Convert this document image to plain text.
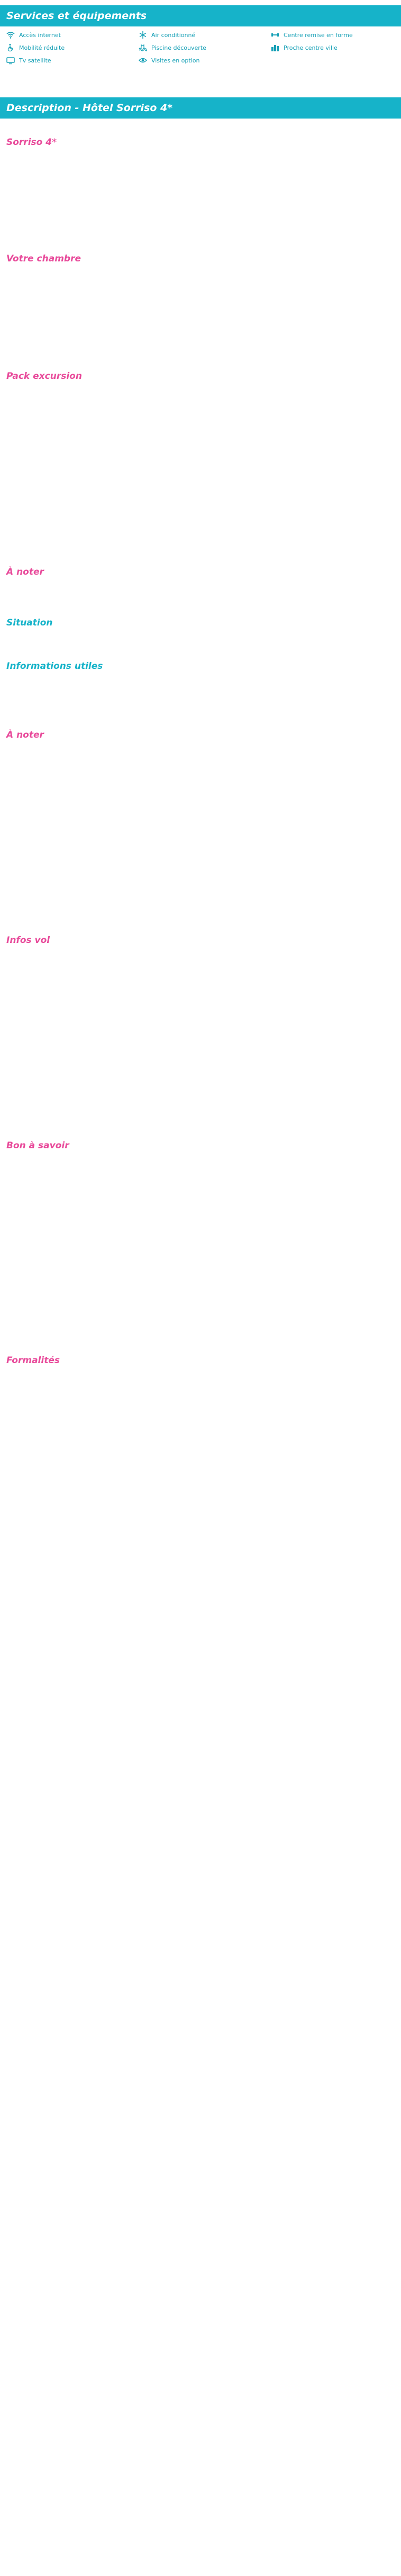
Services et équipements
Accès internet	Air conditionné	Centre remise en forme
Mobilité réduite	Piscine découverte	Proche centre ville
Tv satellite	Visites en option
Description - Hôtel Sorriso 4*

Sorriso 4*

Votre chambre

Pack excursion

À noter

Situation

Informations utiles

À noter

Infos vol

Bon à savoir

Formalités
